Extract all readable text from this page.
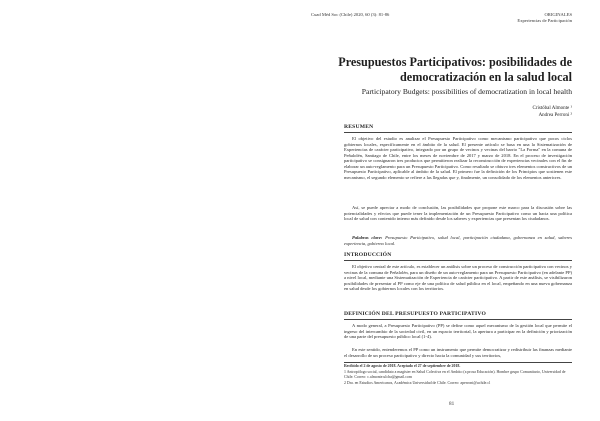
Cuad Méd Soc (Chile) 2020, 60 (3): 81-86	ORIGINALES
Experiencias de Participación
Presupuestos Participativos: posibilidades de democratización en la salud local
Participatory Budgets: possibilities of democratization in local health
Cristóbal Almonte ¹
Andrea Perroni ²
RESUMEN

El objetivo del estudio es analizar el Presupuesto Participativo como mecanismo participativo que pocos ciclos gobiernos locales, específicamente en el ámbito de la salud. El presente artículo se basa en una la Sistematización de Experiencias de carácter participativo, integrado por un grupo de vecinos y vecinas del barrio "La Forma" en la comuna de Peñalolén, Santiago de Chile, entre los meses de noviembre de 2017 y marzo de 2018. En el proceso de investigación participativo se consignaron tres productos que permitieron realizar la reconstrucción de experiencias vecinales con el fin de elaborar un auto-reglamento para un Presupuesto Participativo. Como resultado se obtuvo tres elementos constructivos de un Presupuesto Participativo, aplicable al ámbito de la salud. El primero fue la definición de los Principios que sostienen este mecanismo, el segundo elemento se refiere a las llegadas que y, finalmente, un consolidado de los elementos antericres.

Así, se puede apreciar a modo de conclusión, las posibilidades que propone este marco para la discusión sobre las potencialidades y efectos que puede tener la implementación de un Presupuesto Participativo como un hacia una política local de salud con contenido interno más definido desde los saberes y experiencias que presentan los ciudadanos.

Palabras clave: Presupuesto Participativo, salud local, participación ciudadana, gobernanza en salud, saberes experiencia, gobierno local.

INTRODUCCIÓN

El objetivo central de este artículo, es establecer un análisis sobre un proceso de construcción participativa con vecinos y vecinas de la comuna de Peñalolén, para un diseño de un auto-reglamento para un Presupuesto Participativo (en adelante PP) a nivel local, mediante una Sistematización de Experiencia de carácter participativo. A partir de este análisis, se visibilizaron posibilidades de presentar al PP como eje de una política de salud pública en el local, empeñando en una nueva gobernanza en salud desde los gobiernos locales con los territorios.

DEFINICIÓN DEL PRESUPUESTO PARTICIPATIVO

A modo general, a Presupuesto Participativo (PP) se define como aquel mecanismo de la gestión local que permite el ingreso del intercambio de la sociedad civil, en un espacio territorial, la apertura a participar en la definición y priorización de una parte del presupuesto público local (1-4).

En este sentido, entenderemos el PP como un instrumento que permite democratizar y redistribuir las finanzas mediante el desarrollo de un proceso participativo y directo hacia la comunidad y sus territorios,

Recibido el 2 de agosto de 2018. Aceptado el 27 de septiembre de 2018.

1 Antropólogo social, candidato a magíster en Salud Colectiva en el Ámbito (a prosa Educación). Hombre grupo Comunitario, Universidad de Chile. Correo: c.almonte.ulcha@gmail.com

2 Dra. en Estudios Americanos, Académica Universidad de Chile. Correo: aperroni@uchile.cl

81
